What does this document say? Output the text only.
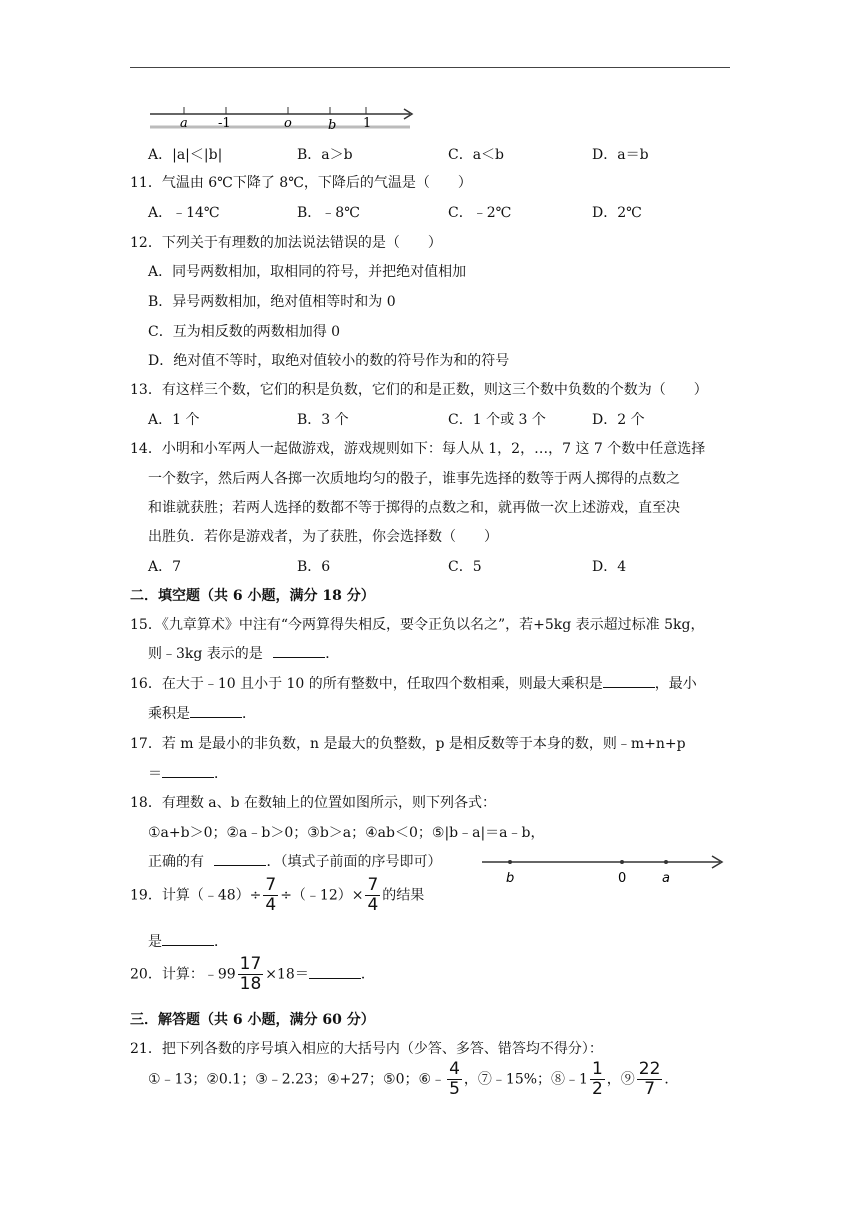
a -1	o	b 1
A．|a|＜|b|	B．a＞b	C．a＜b	D．a＝b
11．气温由 6℃下降了 8℃，下降后的气温是（　　）
A．﹣14℃	B．﹣8℃	C．﹣2℃	D．2℃
12．下列关于有理数的加法说法错误的是（　　）
A．同号两数相加，取相同的符号，并把绝对值相加
B．异号两数相加，绝对值相等时和为 0
C．互为相反数的两数相加得 0
D．绝对值不等时，取绝对值较小的数的符号作为和的符号
13．有这样三个数，它们的积是负数，它们的和是正数，则这三个数中负数的个数为（　　）
A．1 个	B．3 个	C．1 个或 3 个	D．2 个
14．小明和小军两人一起做游戏，游戏规则如下：每人从 1，2，…，7 这 7 个数中任意选择
一个数字，然后两人各掷一次质地均匀的骰子，谁事先选择的数等于两人掷得的点数之
和谁就获胜；若两人选择的数都不等于掷得的点数之和，就再做一次上述游戏，直至决
出胜负．若你是游戏者，为了获胜，你会选择数（　　）
A．7	B．6	C．5	D．4
二．填空题（共 6 小题，满分 18 分）
15．《九章算术》中注有“今两算得失相反，要令正负以名之”，若+5kg 表示超过标准 5kg，
则﹣3kg 表示的是	．
16．在大于﹣10 且小于 10 的所有整数中，任取四个数相乘，则最大乘积是	，最小
乘积是	．
17．若 m 是最小的非负数，n 是最大的负整数，p 是相反数等于本身的数，则﹣m+n+p
＝	．
18．有理数 a、b 在数轴上的位置如图所示，则下列各式：
①a+b＞0；②a﹣b＞0；③b＞a；④ab＜0；⑤|b﹣a|＝a﹣b，
正确的有	．（填式子前面的序号即可）
b	0	a
19．计算（﹣48）÷ $\frac{7}{4}$ ÷（﹣12）× $\frac{7}{4}$ 的结果
是	．
20．计算：﹣99 $\frac{17}{18} \times 18=$	．
三．解答题（共 6 小题，满分 60 分）
21．把下列各数的序号填入相应的大括号内（少答、多答、错答均不得分）：
①﹣13；②0.1；③﹣2.23；④+27；⑤0；⑥﹣ $\frac{4}{5}$ ，⑦﹣15%；⑧﹣1 $\frac{1}{2}$ ，⑨ $\frac{22}{7}$ ．
